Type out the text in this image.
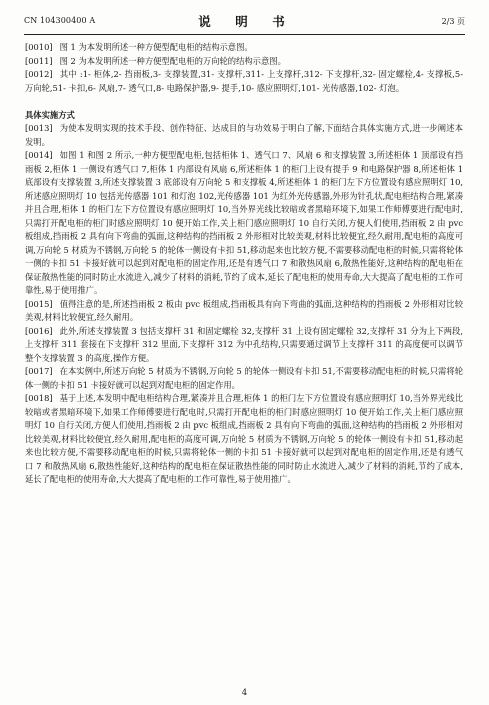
CN 104300400 A	说　明　书	2/3 页

[0010] 图 1 为本发明所述一种方便型配电柜的结构示意图。

[0011] 图 2 为本发明所述一种方便型配电柜的万向轮的结构示意图。

[0012] 其中 :1- 柜体,2- 挡雨板,3- 支撑装置,31- 支撑杆,311- 上支撑杆,312- 下支撑杆,32- 固定螺栓,4- 支撑板,5- 万向轮,51- 卡扣,6- 风扇,7- 透气口,8- 电路保护器,9- 提手,10- 感应照明灯,101- 光传感器,102- 灯泡。

具体实施方式

[0013] 为使本发明实现的技术手段、创作特征、达成目的与功效易于明白了解,下面结合具体实施方式,进一步阐述本发明。

[0014] 如图 1 和图 2 所示,一种方便型配电柜,包括柜体 1、透气口 7、风扇 6 和支撑装置 3,所述柜体 1 顶部设有挡雨板 2,柜体 1 一侧设有透气口 7,柜体 1 内部设有风扇 6,所述柜体 1 的柜门上设有提手 9 和电路保护器 8,所述柜体 1 底部设有支撑装置 3,所述支撑装置 3 底部设有万向轮 5 和支撑板 4,所述柜体 1 的柜门左下方位置设有感应照明灯 10,所述感应照明灯 10 包括光传感器 101 和灯泡 102,光传感器 101 为红外光传感器,外形为针孔状,配电柜结构合理,紧凑并且合理,柜体 1 的柜门左下方位置设有感应照明灯 10,当外界光线比较暗或者黑暗环境下,如果工作师傅要进行配电时,只需打开配电柜的柜门时感应照明灯 10 便开始工作,关上柜门感应照明灯 10 自行关闭,方便人们使用,挡雨板 2 由 pvc 板组成,挡雨板 2 具有向下弯曲的弧面,这种结构的挡雨板 2 外形相对比较美观,材料比较便宜,经久耐用,配电柜的高度可调,万向轮 5 材质为不锈钢,万向轮 5 的轮体一侧设有卡扣 51,移动起来也比较方便,不需要移动配电柜的时候,只需将轮体一侧的卡扣 51 卡接好就可以起到对配电柜的固定作用,还是有透气口 7 和散热风扇 6,散热性能好,这种结构的配电柜在保证散热性能的同时防止水流进入,减少了材料的消耗,节约了成本,延长了配电柜的使用寿命,大大提高了配电柜的工作可靠性,易于使用推广。

[0015] 值得注意的是,所述挡雨板 2 板由 pvc 板组成,挡雨板具有向下弯曲的弧面,这种结构的挡雨板 2 外形相对比较美观,材料比较便宜,经久耐用。

[0016] 此外,所述支撑装置 3 包括支撑杆 31 和固定螺栓 32,支撑杆 31 上设有固定螺栓 32,支撑杆 31 分为上下两段,上支撑杆 311 套接在下支撑杆 312 里面,下支撑杆 312 为中孔结构,只需要通过调节上支撑杆 311 的高度便可以调节整个支撑装置 3 的高度,操作方便。

[0017] 在本实例中,所述万向轮 5 材质为不锈钢,万向轮 5 的轮体一侧设有卡扣 51,不需要移动配电柜的时候,只需将轮体一侧的卡扣 51 卡接好就可以起到对配电柜的固定作用。

[0018] 基于上述,本发明中配电柜结构合理,紧凑并且合理,柜体 1 的柜门左下方位置设有感应照明灯 10,当外界光线比较暗或者黑暗环境下,如果工作师傅要进行配电时,只需打开配电柜的柜门时感应照明灯 10 便开始工作,关上柜门感应照明灯 10 自行关闭,方便人们使用,挡雨板 2 由 pvc 板组成,挡雨板 2 具有向下弯曲的弧面,这种结构的挡雨板 2 外形相对比较美观,材料比较便宜,经久耐用,配电柜的高度可调,万向轮 5 材质为不锈钢,万向轮 5 的轮体一侧设有卡扣 51,移动起来也比较方便,不需要移动配电柜的时候,只需将轮体一侧的卡扣 51 卡接好就可以起到对配电柜的固定作用,还是有透气口 7 和散热风扇 6,散热性能好,这种结构的配电柜在保证散热性能的同时防止水流进入,减少了材料的消耗,节约了成本,延长了配电柜的使用寿命,大大提高了配电柜的工作可靠性,易于使用推广。

4
